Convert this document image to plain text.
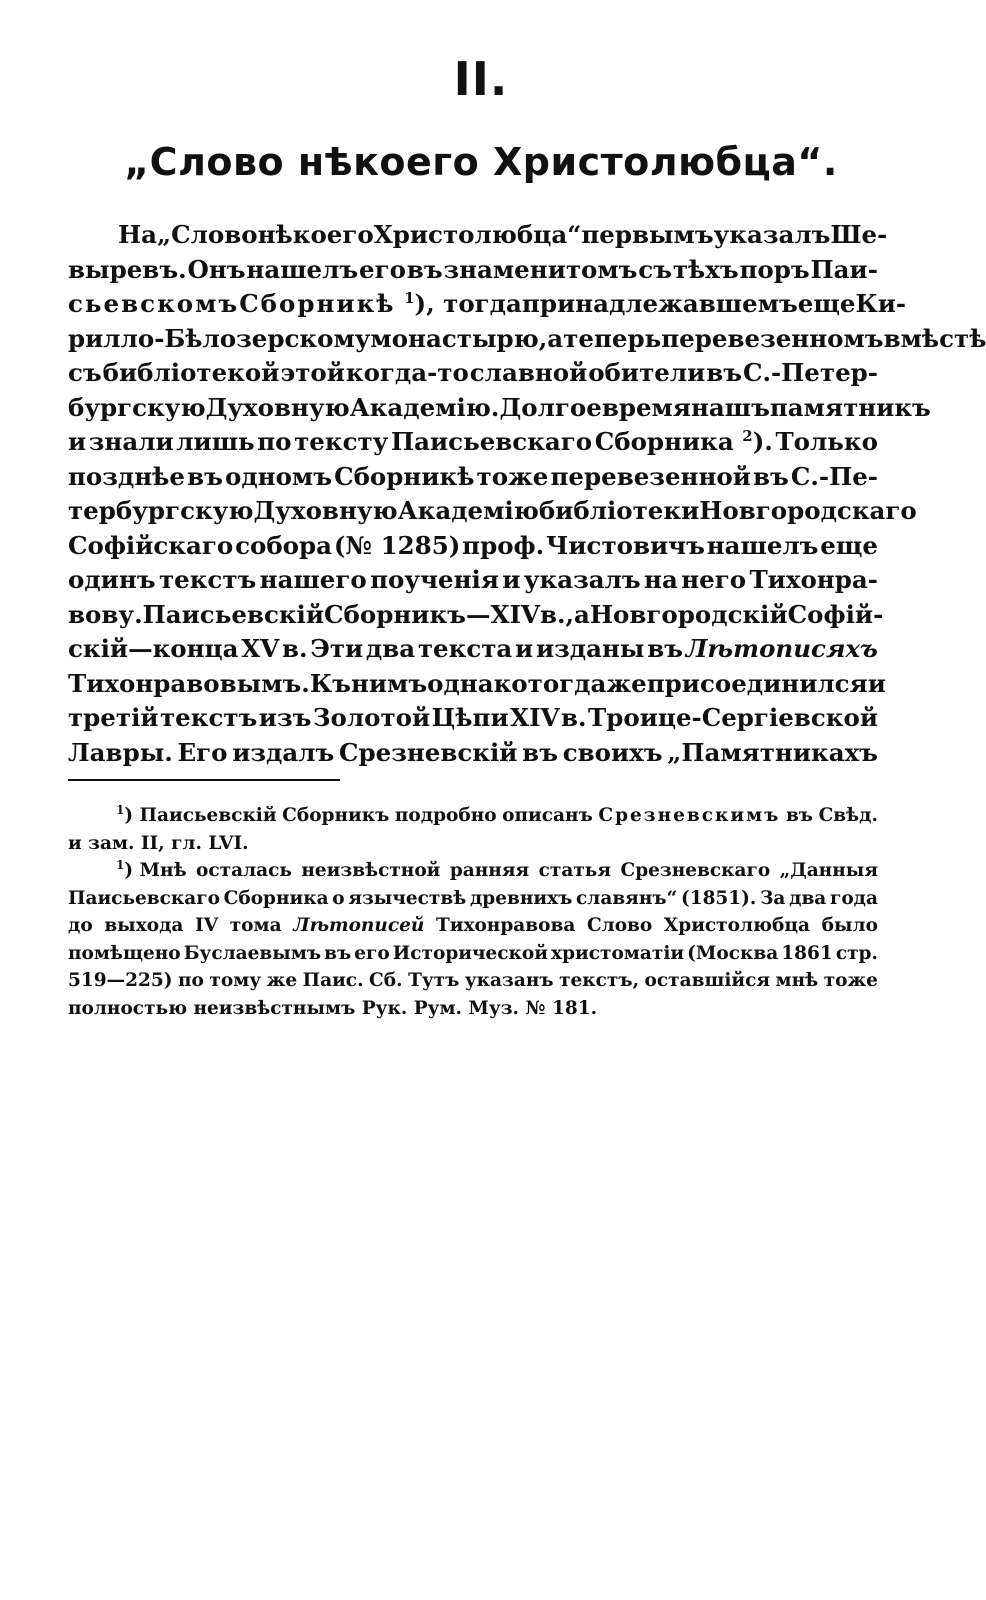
II.
„Слово нѣкоего Христолюбца“.
На „Слово нѣкоего Христолюбца“ первымъ указалъ Ше-
выревъ. Онъ нашелъ его въ знаменитомъ съ тѣхъ поръ Паи-
сьевскомъ Сборникѣ $^1$), тогда принадлежавшемъ еще Ки-
рилло-Бѣлозерскому монастырю, а теперь перевезенномъ вмѣстѣ
съ библіотекой этой когда-то славной обители въ С.-Петер-
бургскую Духовную Академію. Долгое время нашъ памятникъ
и знали лишь по тексту Паисьевскаго Сборника $^2$). Только
позднѣе въ одномъ Сборникѣ тоже перевезенной въ С.-Пе-
тербургскую Духовную Академію библіотеки Новгородскаго
Софійскаго собора (№ 1285) проф. Чистовичъ нашелъ еще
одинъ текстъ нашего поученія и указалъ на него Тихонра-
вову. Паисьевскій Сборникъ—XIV в., а Новгородскій Софій-
скій—конца XV в. Эти два текста и изданы въ Лѣтописяхъ
Тихонравовымъ. Къ нимъ однако тогда же присоединился и
третій текстъ изъ Золотой Цѣпи XIV в. Троице-Сергіевской
Лавры. Его издалъ Срезневскій въ своихъ „Памятникахъ
$^1$) Паисьевскій Сборникъ подробно описанъ Срезневскимъ въ Свѣд.
и зам. II, гл. LVI.
$^1$) Мнѣ осталась неизвѣстной ранняя статья Срезневскаго „Данныя
Паисьевскаго Сборника о язычествѣ древнихъ славянъ“ (1851). За два года
до выхода IV тома Лѣтописей Тихонравова Слово Христолюбца было
помѣщено Буслаевымъ въ его Исторической христоматіи (Москва 1861 стр.
519—225) по тому же Паис. Сб. Тутъ указанъ текстъ, оставшійся мнѣ тоже
полностью неизвѣстнымъ Рук. Рум. Муз. № 181.
